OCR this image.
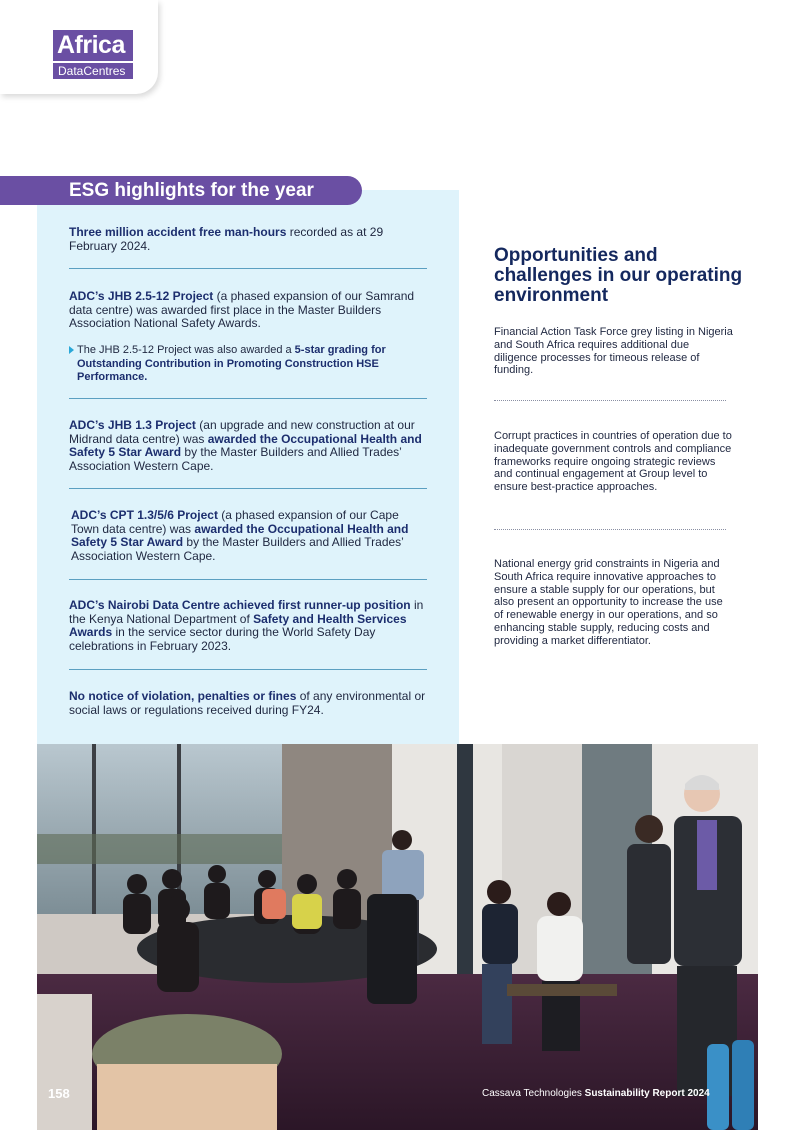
Africa
DataCentres
ESG highlights for the year
Three million accident free man-hours recorded as at 29 February 2024.
ADC’s JHB 2.5-12 Project (a phased expansion of our Samrand data centre) was awarded first place in the Master Builders Association National Safety Awards.
The JHB 2.5-12 Project was also awarded a 5-star grading for Outstanding Contribution in Promoting Construction HSE Performance.
ADC’s JHB 1.3 Project (an upgrade and new construction at our Midrand data centre) was awarded the Occupational Health and Safety 5 Star Award by the Master Builders and Allied Trades’ Association Western Cape.
ADC’s CPT 1.3/5/6 Project (a phased expansion of our Cape Town data centre) was awarded the Occupational Health and Safety 5 Star Award by the Master Builders and Allied Trades’ Association Western Cape.
ADC’s Nairobi Data Centre achieved first runner-up position in the Kenya National Department of Safety and Health Services Awards in the service sector during the World Safety Day celebrations in February 2023.
No notice of violation, penalties or fines of any environmental or social laws or regulations received during FY24.
Opportunities and challenges in our operating environment
Financial Action Task Force grey listing in Nigeria and South Africa requires additional due diligence processes for timeous release of funding.
Corrupt practices in countries of operation due to inadequate government controls and compliance frameworks require ongoing strategic reviews and continual engagement at Group level to ensure best-practice approaches.
National energy grid constraints in Nigeria and South Africa require innovative approaches to ensure a stable supply for our operations, but also present an opportunity to increase the use of renewable energy in our operations, and so enhancing stable supply, reducing costs and providing a market differentiator.
158	Cassava Technologies Sustainability Report 2024
